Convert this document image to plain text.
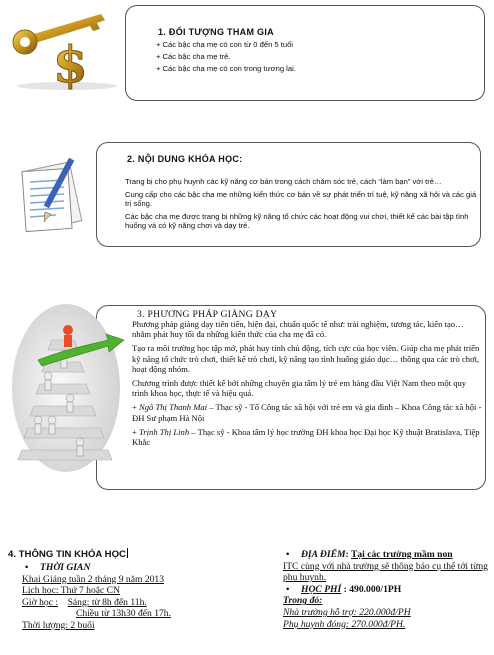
$
1. ĐỐI TƯỢNG THAM GIA
+ Các bậc cha mẹ có con từ 0 đến 5 tuổi
+ Các bậc cha mẹ trẻ.
+ Các bậc cha mẹ có con trong tương lai.
2. NỘI DUNG KHÓA HỌC:

Trang bị cho phụ huynh các kỹ năng cơ bản trong cách chăm sóc trẻ, cách “làm bạn” với trẻ…

Cung cấp cho các bậc cha mẹ những kiến thức cơ bản về sự phát triển trí tuệ, kỹ năng xã hội và các giá trị sống.

Các bậc cha mẹ được trang bị những kỹ năng tổ chức các hoạt động vui chơi, thiết kế các bài tập tình huống và có kỹ năng chơi và dạy trẻ.

3. PHƯƠNG PHÁP GIẢNG DẠY

Phương pháp giảng dạy tiên tiến, hiện đại, chuẩn quốc tế như: trải nghiệm, tương tác, kiến tạo… nhằm phát huy tối đa những kiến thức của cha mẹ đã có.

Tạo ra môi trường học tập mở, phát huy tính chủ động, tích cực của học viên. Giúp cha mẹ phát triển kỹ năng tổ chức trò chơi, thiết kế trò chơi, kỹ năng tạo tình huống giáo dục… thông qua các trò chơi, hoạt động nhóm.

Chương trình được thiết kế bởi những chuyên gia tâm lý trẻ em hàng đầu Việt Nam theo một quy trình khoa học, thực tế và hiệu quả.

+ Ngô Thị Thanh Mai – Thạc sỹ - Tổ Công tác xã hội với trẻ em và gia đình – Khoa Công tác xã hội - ĐH Sư phạm Hà Nội

+ Trịnh Thị Linh – Thạc sỹ - Khoa tâm lý học trường ĐH khoa học Đại học Kỹ thuật Bratislava, Tiệp Khắc

4. THÔNG TIN KHÓA HỌC
• THỜI GIAN
Khai Giảng tuần 2 tháng 9 năm 2013
Lịch học: Thứ 7 hoặc CN
Giờ học : Sáng: từ 8h đến 11h.
Chiều từ 13h30 đến 17h.
Thời lượng: 2 buổi
• ĐỊA ĐIỂM: Tại các trường mầm non
ITC cùng với nhà trường sẽ thông báo cụ thể tới từng phụ huynh.
• HỌC PHÍ : 490.000/1PH
Trong đó:
Nhà trường hỗ trợ: 220.000đ/PH
Phụ huynh đóng: 270.000đ/PH.
